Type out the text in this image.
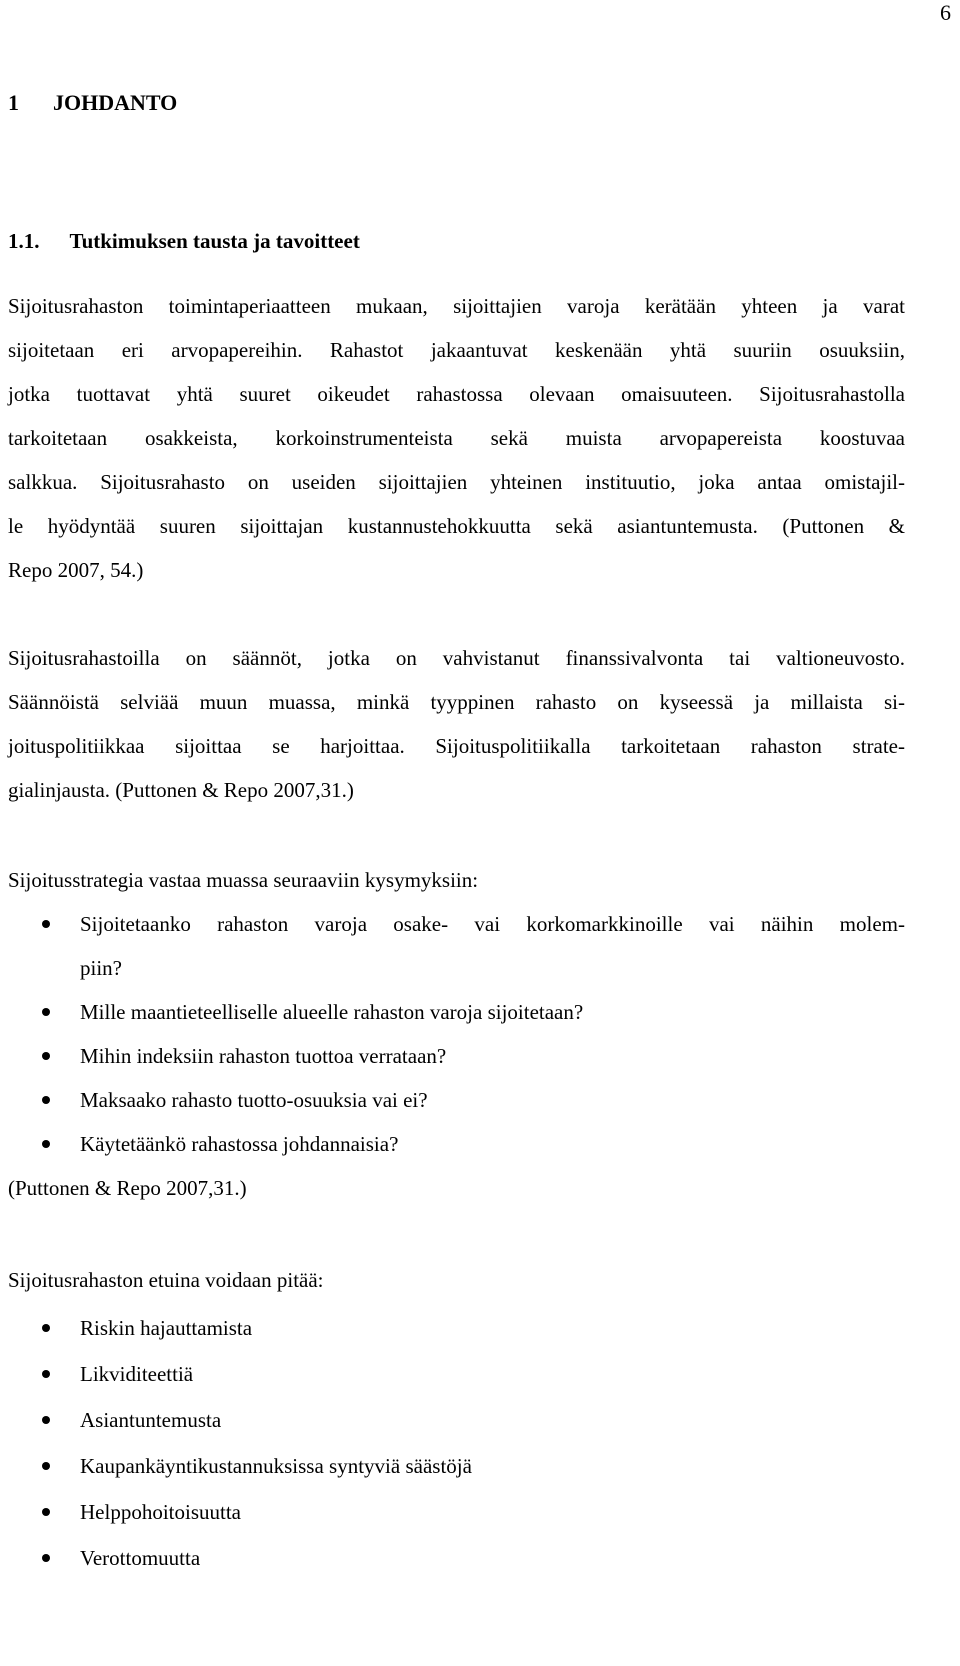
6
1 JOHDANTO
1.1. Tutkimuksen tausta ja tavoitteet
Sijoitusrahaston toimintaperiaatteen mukaan, sijoittajien varoja kerätään yhteen ja varat
sijoitetaan eri arvopapereihin. Rahastot jakaantuvat keskenään yhtä suuriin osuuksiin,
jotka tuottavat yhtä suuret oikeudet rahastossa olevaan omaisuuteen. Sijoitusrahastolla
tarkoitetaan osakkeista, korkoinstrumenteista sekä muista arvopapereista koostuvaa
salkkua. Sijoitusrahasto on useiden sijoittajien yhteinen instituutio, joka antaa omistajil-
le hyödyntää suuren sijoittajan kustannustehokkuutta sekä asiantuntemusta. (Puttonen &
Repo 2007, 54.)
Sijoitusrahastoilla on säännöt, jotka on vahvistanut finanssivalvonta tai valtioneuvosto.
Säännöistä selviää muun muassa, minkä tyyppinen rahasto on kyseessä ja millaista si-
joituspolitiikkaa sijoittaa se harjoittaa. Sijoituspolitiikalla tarkoitetaan rahaston strate-
gialinjausta. (Puttonen & Repo 2007,31.)
Sijoitusstrategia vastaa muassa seuraaviin kysymyksiin:
Sijoitetaanko rahaston varoja osake- vai korkomarkkinoille vai näihin molem-
piin?
Mille maantieteelliselle alueelle rahaston varoja sijoitetaan?
Mihin indeksiin rahaston tuottoa verrataan?
Maksaako rahasto tuotto-osuuksia vai ei?
Käytetäänkö rahastossa johdannaisia?
(Puttonen & Repo 2007,31.)
Sijoitusrahaston etuina voidaan pitää:
Riskin hajauttamista
Likviditeettiä
Asiantuntemusta
Kaupankäyntikustannuksissa syntyviä säästöjä
Helppohoitoisuutta
Verottomuutta
